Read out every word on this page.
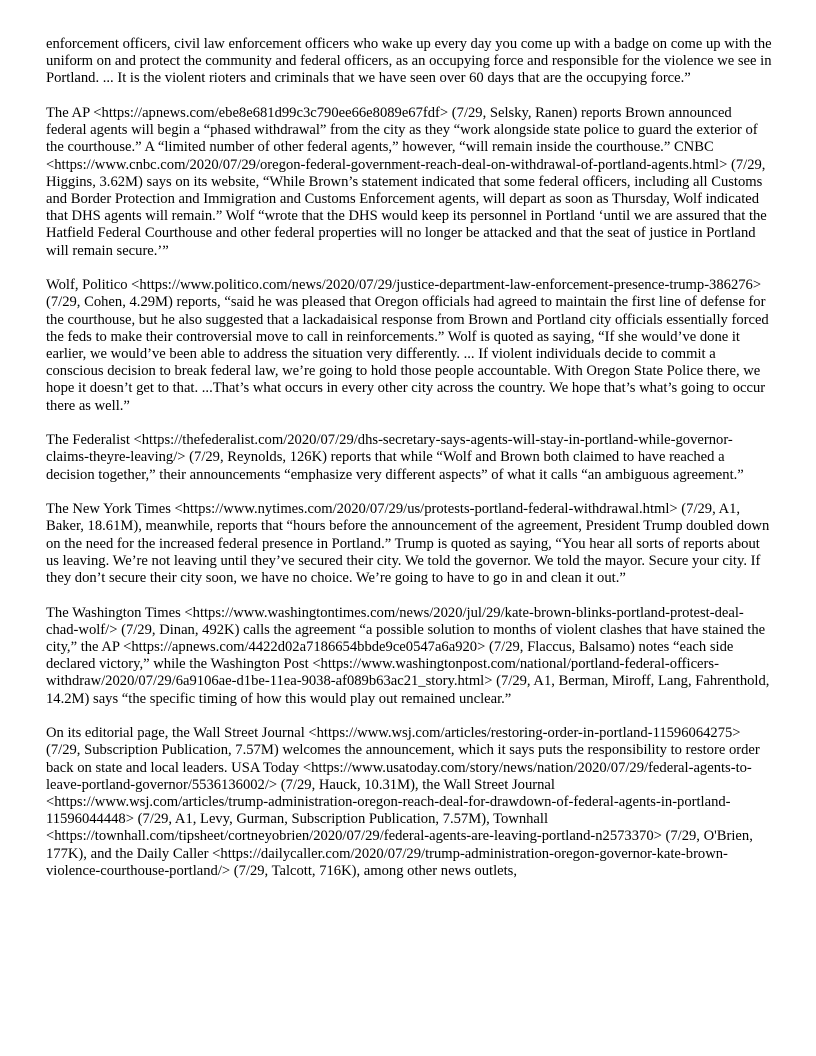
enforcement officers, civil law enforcement officers who wake up every day you come up with a badge on come up with the uniform on and protect the community and federal officers, as an occupying force and responsible for the violence we see in Portland. ... It is the violent rioters and criminals that we have seen over 60 days that are the occupying force.”

The AP <https://apnews.com/ebe8e681d99c3c790ee66e8089e67fdf> (7/29, Selsky, Ranen) reports Brown announced federal agents will begin a “phased withdrawal” from the city as they “work alongside state police to guard the exterior of the courthouse.” A “limited number of other federal agents,” however, “will remain inside the courthouse.” CNBC <https://www.cnbc.com/2020/07/29/oregon-federal-government-reach-deal-on-withdrawal-of-portland-agents.html> (7/29, Higgins, 3.62M) says on its website, “While Brown’s statement indicated that some federal officers, including all Customs and Border Protection and Immigration and Customs Enforcement agents, will depart as soon as Thursday, Wolf indicated that DHS agents will remain.” Wolf “wrote that the DHS would keep its personnel in Portland ‘until we are assured that the Hatfield Federal Courthouse and other federal properties will no longer be attacked and that the seat of justice in Portland will remain secure.’”

Wolf, Politico <https://www.politico.com/news/2020/07/29/justice-department-law-enforcement-presence-trump-386276> (7/29, Cohen, 4.29M) reports, “said he was pleased that Oregon officials had agreed to maintain the first line of defense for the courthouse, but he also suggested that a lackadaisical response from Brown and Portland city officials essentially forced the feds to make their controversial move to call in reinforcements.” Wolf is quoted as saying, “If she would’ve done it earlier, we would’ve been able to address the situation very differently. ... If violent individuals decide to commit a conscious decision to break federal law, we’re going to hold those people accountable. With Oregon State Police there, we hope it doesn’t get to that. ...That’s what occurs in every other city across the country. We hope that’s what’s going to occur there as well.”

The Federalist <https://thefederalist.com/2020/07/29/dhs-secretary-says-agents-will-stay-in-portland-while-governor-claims-theyre-leaving/> (7/29, Reynolds, 126K) reports that while “Wolf and Brown both claimed to have reached a decision together,” their announcements “emphasize very different aspects” of what it calls “an ambiguous agreement.”

The New York Times <https://www.nytimes.com/2020/07/29/us/protests-portland-federal-withdrawal.html> (7/29, A1, Baker, 18.61M), meanwhile, reports that “hours before the announcement of the agreement, President Trump doubled down on the need for the increased federal presence in Portland.” Trump is quoted as saying, “You hear all sorts of reports about us leaving. We’re not leaving until they’ve secured their city. We told the governor. We told the mayor. Secure your city. If they don’t secure their city soon, we have no choice. We’re going to have to go in and clean it out.”

The Washington Times <https://www.washingtontimes.com/news/2020/jul/29/kate-brown-blinks-portland-protest-deal-chad-wolf/> (7/29, Dinan, 492K) calls the agreement “a possible solution to months of violent clashes that have stained the city,” the AP <https://apnews.com/4422d02a7186654bbde9ce0547a6a920> (7/29, Flaccus, Balsamo) notes “each side declared victory,” while the Washington Post <https://www.washingtonpost.com/national/portland-federal-officers-withdraw/2020/07/29/6a9106ae-d1be-11ea-9038-af089b63ac21_story.html> (7/29, A1, Berman, Miroff, Lang, Fahrenthold, 14.2M) says “the specific timing of how this would play out remained unclear.”

On its editorial page, the Wall Street Journal <https://www.wsj.com/articles/restoring-order-in-portland-11596064275> (7/29, Subscription Publication, 7.57M) welcomes the announcement, which it says puts the responsibility to restore order back on state and local leaders. USA Today <https://www.usatoday.com/story/news/nation/2020/07/29/federal-agents-to-leave-portland-governor/5536136002/> (7/29, Hauck, 10.31M), the Wall Street Journal <https://www.wsj.com/articles/trump-administration-oregon-reach-deal-for-drawdown-of-federal-agents-in-portland-11596044448> (7/29, A1, Levy, Gurman, Subscription Publication, 7.57M), Townhall <https://townhall.com/tipsheet/cortneyobrien/2020/07/29/federal-agents-are-leaving-portland-n2573370> (7/29, O'Brien, 177K), and the Daily Caller <https://dailycaller.com/2020/07/29/trump-administration-oregon-governor-kate-brown-violence-courthouse-portland/> (7/29, Talcott, 716K), among other news outlets,
